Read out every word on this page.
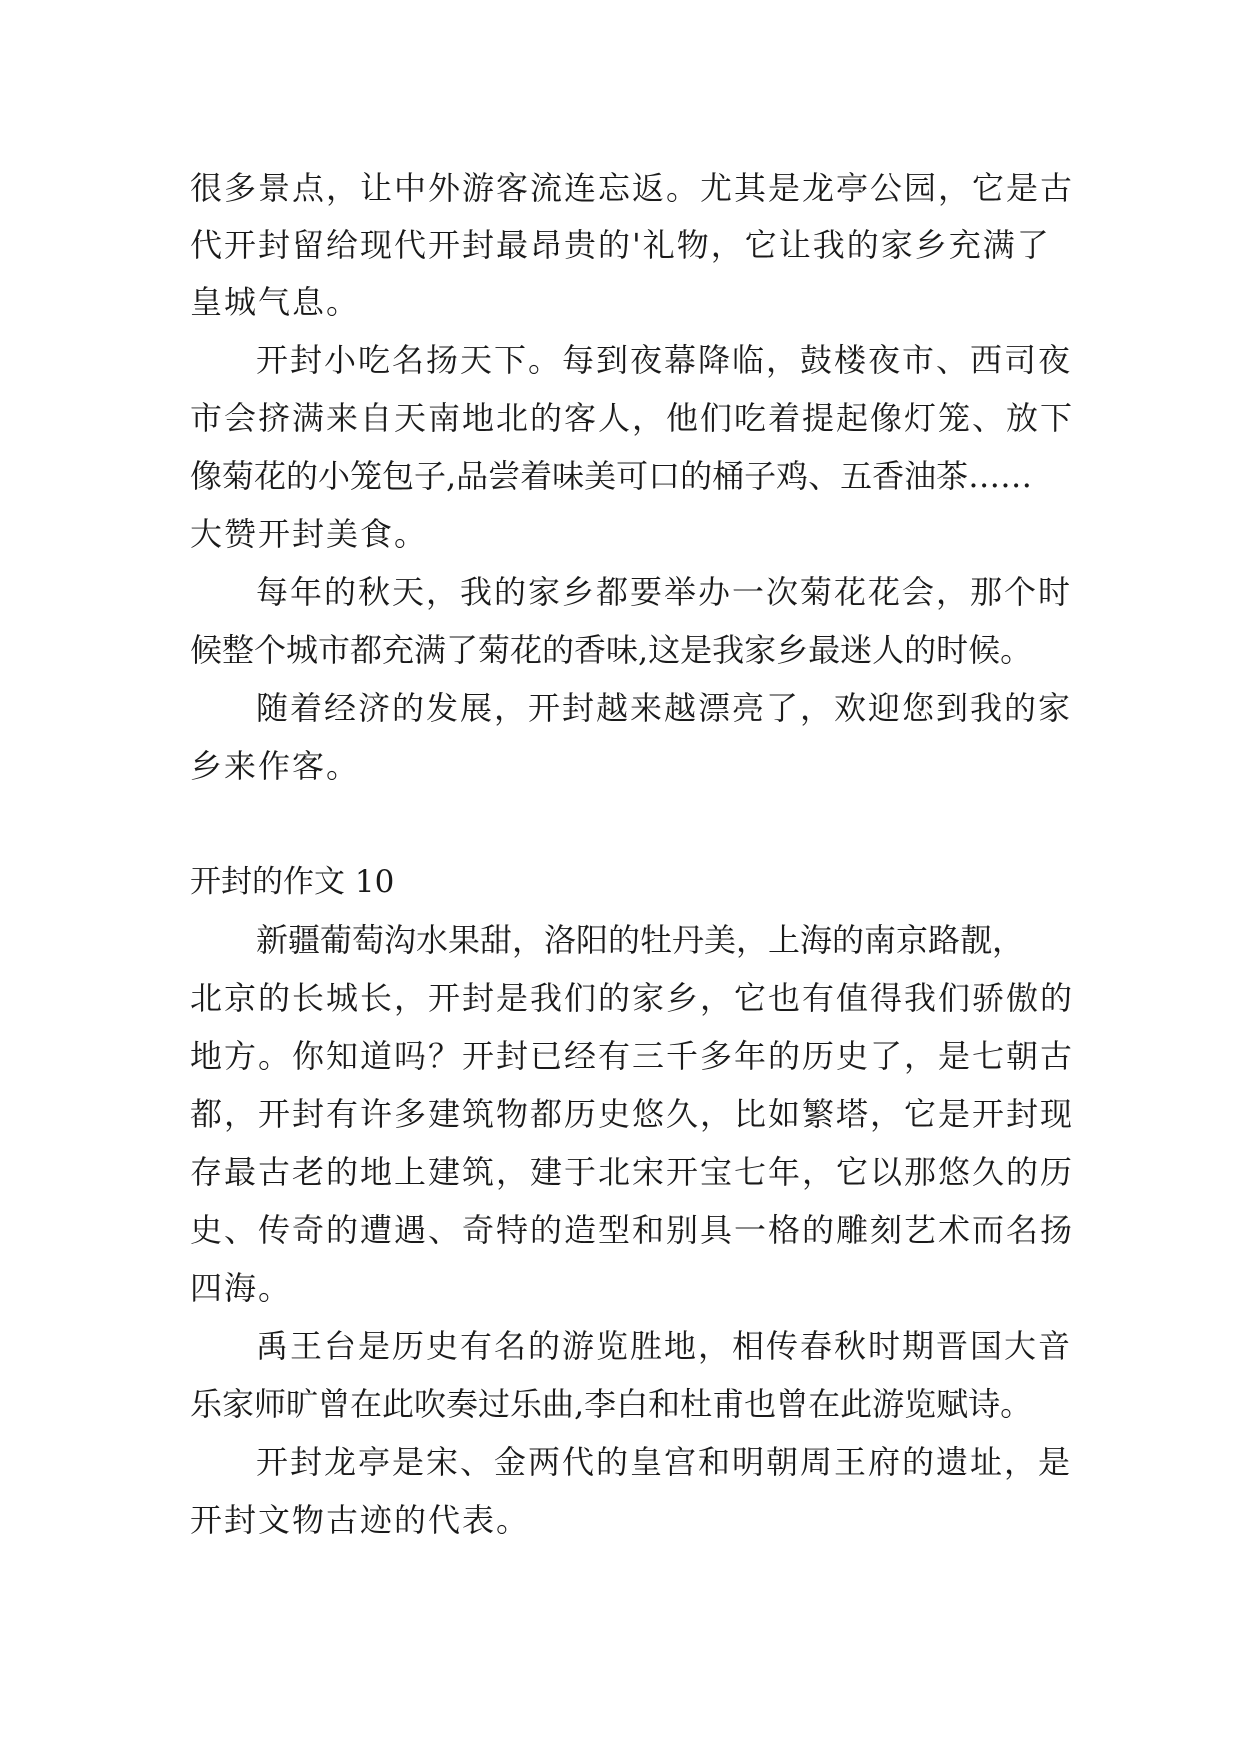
很多景点，让中外游客流连忘返。尤其是龙亭公园，它是古
代开封留给现代开封最昂贵的'礼物，它让我的家乡充满了
皇城气息。
开封小吃名扬天下。每到夜幕降临，鼓楼夜市、西司夜
市会挤满来自天南地北的客人，他们吃着提起像灯笼、放下
像菊花的小笼包子,品尝着味美可口的桶子鸡、五香油茶……
大赞开封美食。
每年的秋天，我的家乡都要举办一次菊花花会，那个时
候整个城市都充满了菊花的香味,这是我家乡最迷人的时候。
随着经济的发展，开封越来越漂亮了，欢迎您到我的家
乡来作客。
开封的作文 10
新疆葡萄沟水果甜，洛阳的牡丹美，上海的南京路靓，
北京的长城长，开封是我们的家乡，它也有值得我们骄傲的
地方。你知道吗？开封已经有三千多年的历史了，是七朝古
都，开封有许多建筑物都历史悠久，比如繁塔，它是开封现
存最古老的地上建筑，建于北宋开宝七年，它以那悠久的历
史、传奇的遭遇、奇特的造型和别具一格的雕刻艺术而名扬
四海。
禹王台是历史有名的游览胜地，相传春秋时期晋国大音
乐家师旷曾在此吹奏过乐曲,李白和杜甫也曾在此游览赋诗。
开封龙亭是宋、金两代的皇宫和明朝周王府的遗址，是
开封文物古迹的代表。
